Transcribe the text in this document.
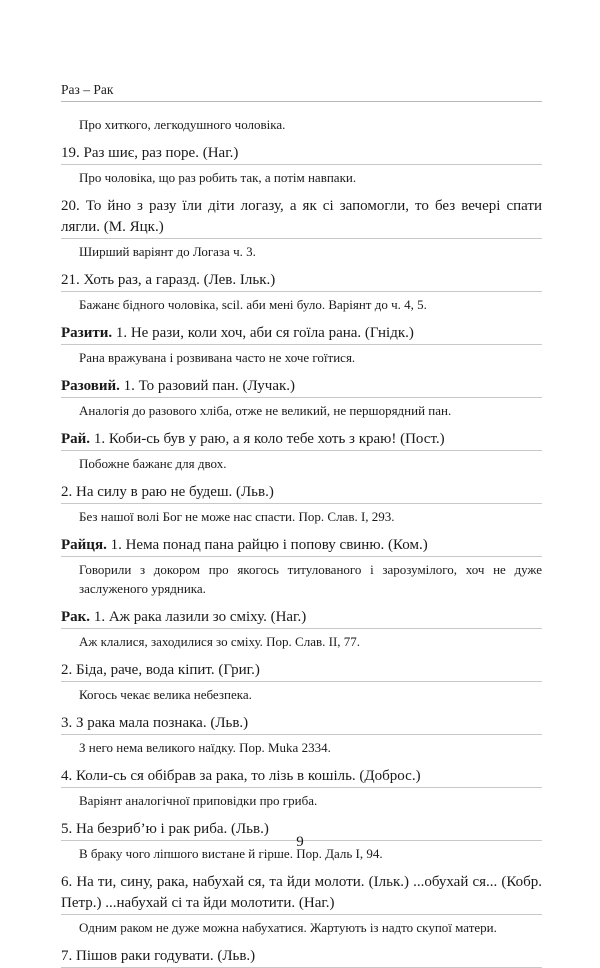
Раз – Рак
Про хиткого, легкодушного чоловіка.
19. Раз шиє, раз поре. (Наг.)
Про чоловіка, що раз робить так, а потім навпаки.
20. То йно з разу їли діти логазу, а як сі запомогли, то без вечері спати лягли. (М. Яцк.)
Ширший варіянт до Логаза ч. 3.
21. Хоть раз, а гаразд. (Лев. Ільк.)
Бажанє бідного чоловіка, scil. аби мені було. Варіянт до ч. 4, 5.
Разити. 1. Не рази, коли хоч, аби ся гоїла рана. (Гнідк.)
Рана вражувана і розвивана часто не хоче гоїтися.
Разовий. 1. То разовий пан. (Лучак.)
Аналогія до разового хліба, отже не великий, не першорядний пан.
Рай. 1. Коби-сь був у раю, а я коло тебе хоть з краю! (Пост.)
Побожне бажанє для двох.
2. На силу в раю не будеш. (Льв.)
Без нашої волі Бог не може нас спасти. Пор. Слав. I, 293.
Райця. 1. Нема понад пана райцю і попову свиню. (Ком.)
Говорили з докором про якогось титулованого і зарозумілого, хоч не дуже заслуженого урядника.
Рак. 1. Аж рака лазили зо сміху. (Наг.)
Аж клалися, заходилися зо сміху. Пор. Слав. II, 77.
2. Біда, раче, вода кіпит. (Григ.)
Когось чекає велика небезпека.
3. З рака мала познака. (Льв.)
З него нема великого наїдку. Пор. Muka 2334.
4. Коли-сь ся обібрав за рака, то лізь в кошіль. (Доброс.)
Варіянт аналогічної приповідки про гриба.
5. На безриб’ю і рак риба. (Льв.)
В браку чого ліпшого вистане й гірше. Пор. Даль I, 94.
6. На ти, сину, рака, набухай ся, та йди молоти. (Ільк.) ...обухай ся... (Кобр. Петр.) ...набухай сі та йди молотити. (Наг.)
Одним раком не дуже можна набухатися. Жартують із надто скупої матери.
7. Пішов раки годувати. (Льв.)
9
